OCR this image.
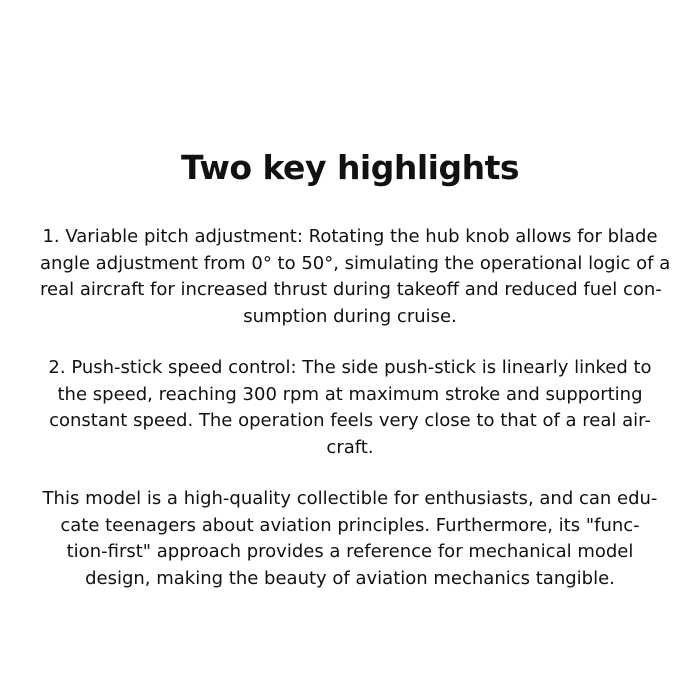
Two key highlights

1. Variable pitch adjustment: Rotating the hub knob allows for blade
angle adjustment from 0° to 50°, simulating the operational logic of a
real aircraft for increased thrust during takeoff and reduced fuel con-
sumption during cruise.

2. Push-stick speed control: The side push-stick is linearly linked to
the speed, reaching 300 rpm at maximum stroke and supporting
constant speed. The operation feels very close to that of a real air-
craft.

This model is a high-quality collectible for enthusiasts, and can edu-
cate teenagers about aviation principles. Furthermore, its "func-
tion-first" approach provides a reference for mechanical model
design, making the beauty of aviation mechanics tangible.
